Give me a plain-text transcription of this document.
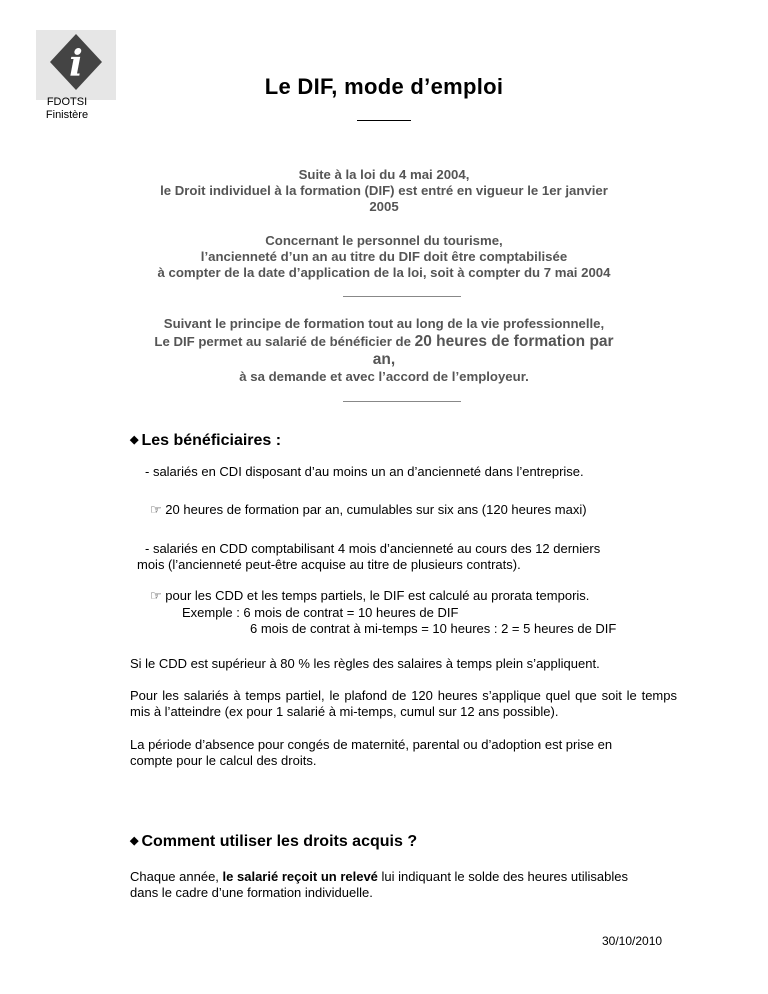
i
FDOTSI
Finistère
Le DIF, mode d’emploi
Suite à la loi du 4 mai 2004,
le Droit individuel à la formation (DIF) est entré en vigueur le 1er janvier
2005
Concernant le personnel du tourisme,
l’ancienneté d’un an au titre du DIF doit être comptabilisée
à compter de la date d’application de la loi, soit à compter du 7 mai 2004
Suivant le principe de formation tout au long de la vie professionnelle,
Le DIF permet au salarié de bénéficier de 20 heures de formation par
an,
à sa demande et avec l’accord de l’employeur.
◆ Les bénéficiaires :
- salariés en CDI disposant d’au moins un an d’ancienneté dans l’entreprise.
☞ 20 heures de formation par an, cumulables sur six ans (120 heures maxi)
- salariés en CDD comptabilisant 4 mois d’ancienneté au cours des 12 derniers
mois (l’ancienneté peut-être acquise au titre de plusieurs contrats).
☞ pour les CDD et les temps partiels, le DIF est calculé au prorata temporis.
Exemple : 6 mois de contrat = 10 heures de DIF
6 mois de contrat à mi-temps = 10 heures : 2 = 5 heures de DIF
Si le CDD est supérieur à 80 % les règles des salaires à temps plein s’appliquent.
Pour les salariés à temps partiel, le plafond de 120 heures s’applique quel que soit le temps mis à l’atteindre (ex pour 1 salarié à mi-temps, cumul sur 12 ans possible).
La période d’absence pour congés de maternité, parental ou d’adoption est prise en
compte pour le calcul des droits.
◆ Comment utiliser les droits acquis ?
Chaque année, le salarié reçoit un relevé lui indiquant le solde des heures utilisables
dans le cadre d’une formation individuelle.
30/10/2010
